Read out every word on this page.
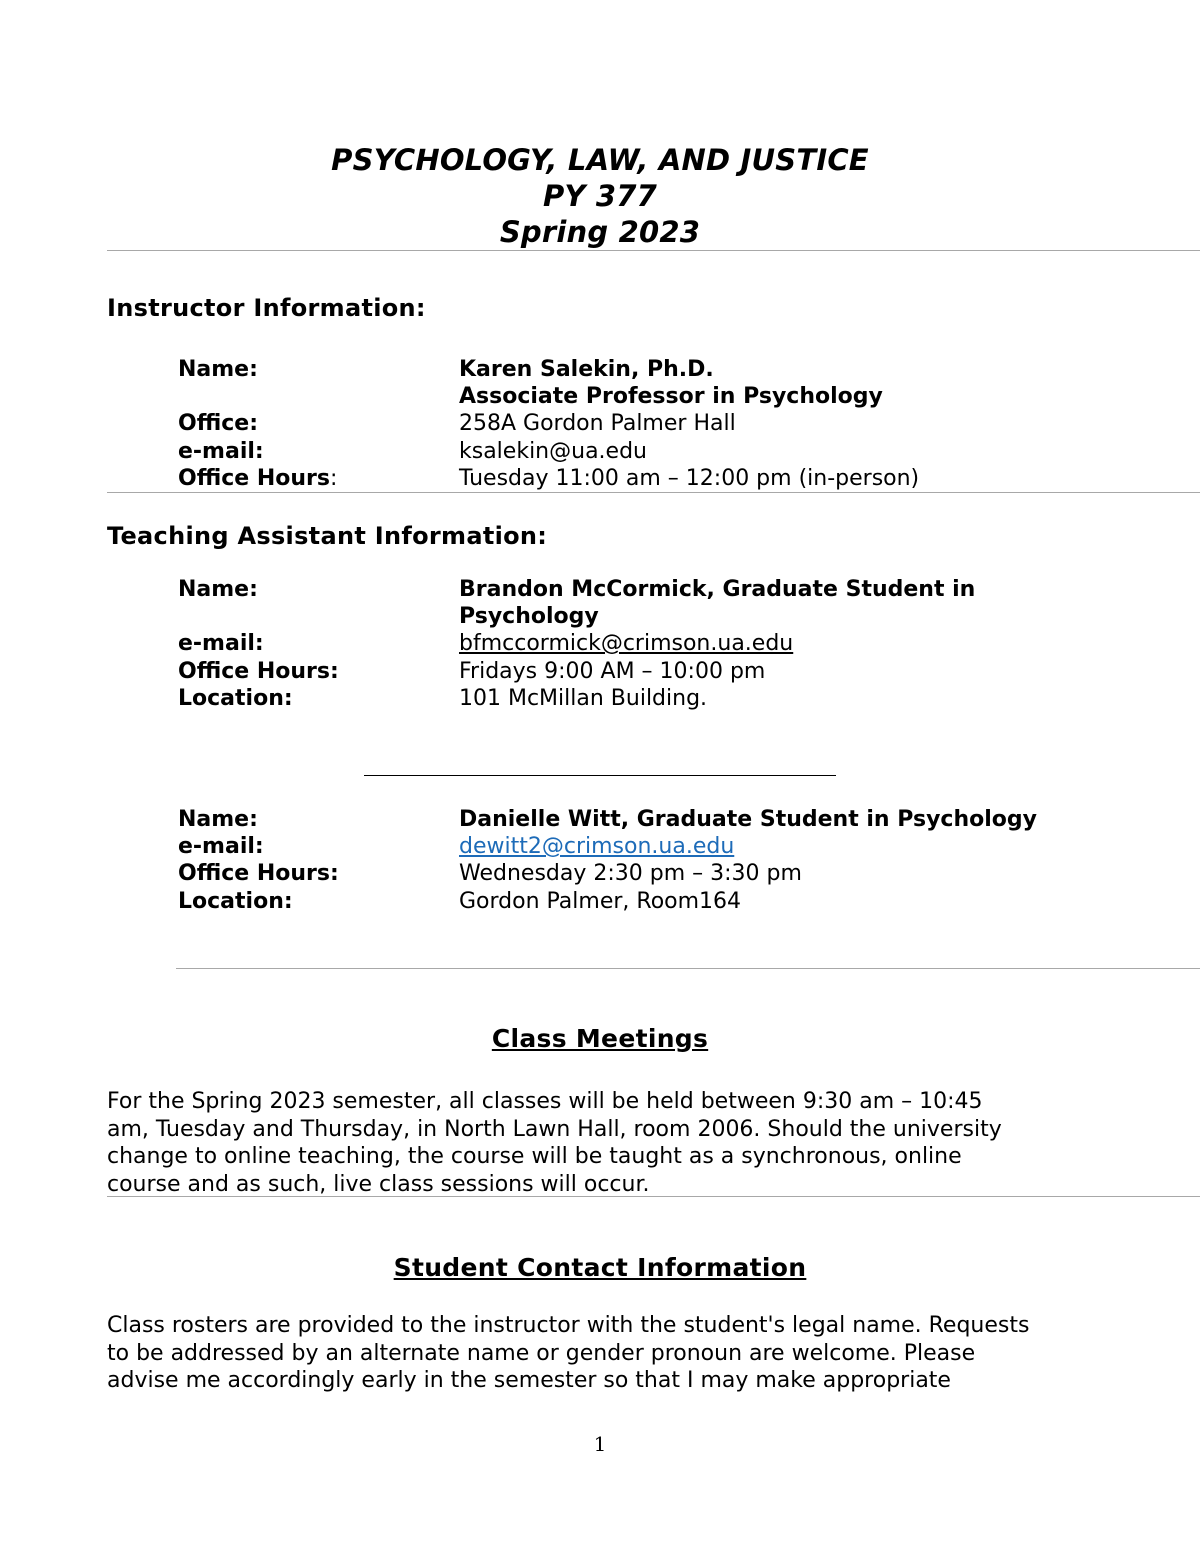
PSYCHOLOGY, LAW, AND JUSTICE
PY 377
Spring 2023
Instructor Information:
Name:	Karen Salekin, Ph.D.
Associate Professor in Psychology
Office:	258A Gordon Palmer Hall
e-mail:	ksalekin@ua.edu
Office Hours:	Tuesday 11:00 am – 12:00 pm (in-person)
Teaching Assistant Information:
Name:	Brandon McCormick, Graduate Student in
Psychology
e-mail:	bfmccormick@crimson.ua.edu
Office Hours:	Fridays 9:00 AM – 10:00 pm
Location:	101 McMillan Building.
Name:	Danielle Witt, Graduate Student in Psychology
e-mail:	dewitt2@crimson.ua.edu
Office Hours:	Wednesday 2:30 pm – 3:30 pm
Location:	Gordon Palmer, Room164
Class Meetings
For the Spring 2023 semester, all classes will be held between 9:30 am – 10:45
am, Tuesday and Thursday, in North Lawn Hall, room 2006. Should the university
change to online teaching, the course will be taught as a synchronous, online
course and as such, live class sessions will occur.
Student Contact Information
Class rosters are provided to the instructor with the student's legal name. Requests
to be addressed by an alternate name or gender pronoun are welcome. Please
advise me accordingly early in the semester so that I may make appropriate
1
